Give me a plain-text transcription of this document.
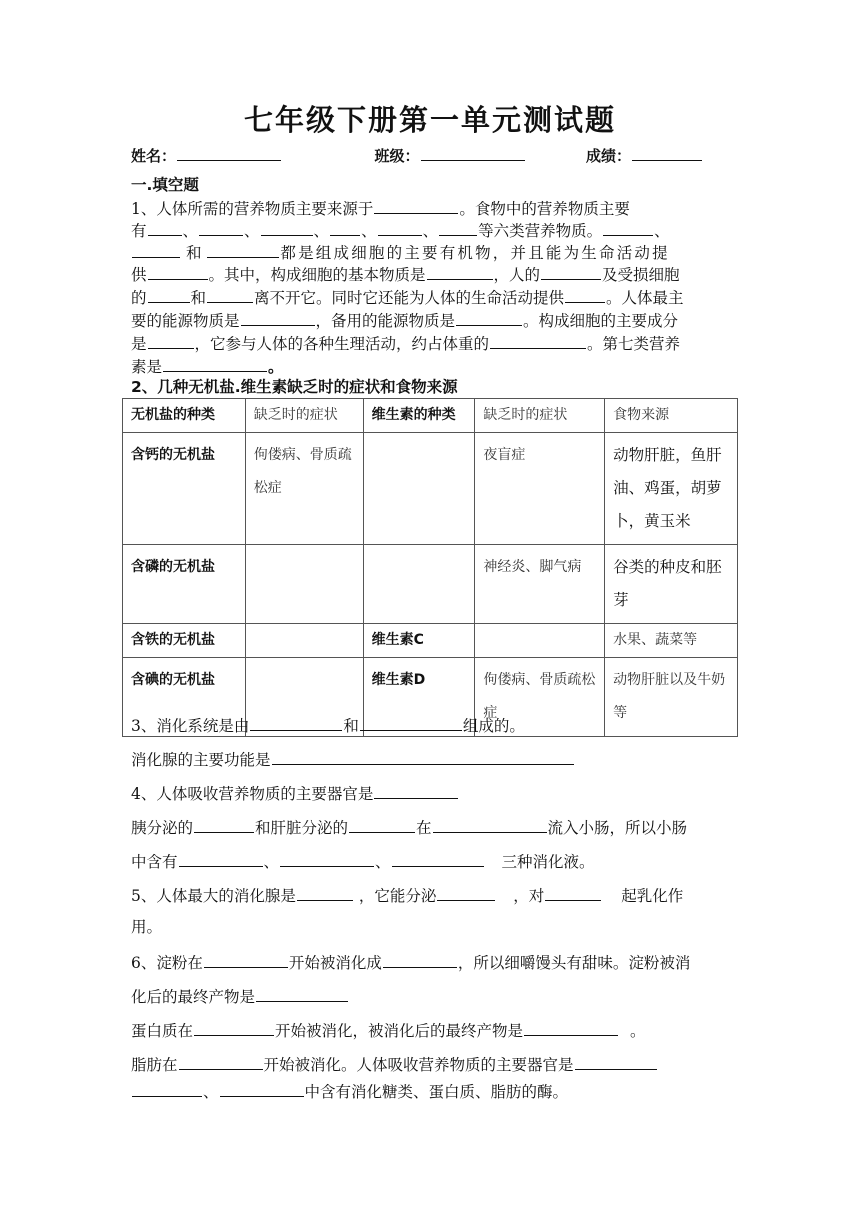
七年级下册第一单元测试题
姓名：	班级：	成绩：
一.填空题
1、人体所需的营养物质主要来源于	。食物中的营养物质主要
有 、	、	、 、	、	等六类营养物质。	、
和	都是组成细胞的主要有机物，并且能为生命活动提
供	。其中，构成细胞的基本物质是	，人的	及受损细胞
的	和	离不开它。同时它还能为人体的生命活动提供	。人体最主
要的能源物质是	，备用的能源物质是	。构成细胞的主要成分
是	，它参与人体的各种生理活动，约占体重的	。第七类营养
素是	。
2、几种无机盐.维生素缺乏时的症状和食物来源
无机盐的种类	缺乏时的症状	维生素的种类	缺乏时的症状	食物来源
含钙的无机盐	佝偻病、骨质疏松症		夜盲症	动物肝脏，鱼肝油、鸡蛋，胡萝卜，黄玉米
含磷的无机盐			神经炎、脚气病	谷类的种皮和胚芽
含铁的无机盐		维生素C		水果、蔬菜等
含碘的无机盐		维生素D	佝偻病、骨质疏松症	动物肝脏以及牛奶等
3、消化系统是由	和	组成的。
消化腺的主要功能是
4、人体吸收营养物质的主要器官是
胰分泌的	和肝脏分泌的	在	流入小肠，所以小肠
中含有	、	、	三种消化液。
5、人体最大的消化腺是	，它能分泌	，对	起乳化作
用。
6、淀粉在	开始被消化成	，所以细嚼馒头有甜味。淀粉被消
化后的最终产物是
蛋白质在	开始被消化，被消化后的最终产物是	。
脂肪在	开始被消化。人体吸收营养物质的主要器官是
、	中含有消化糖类、蛋白质、脂肪的酶。
